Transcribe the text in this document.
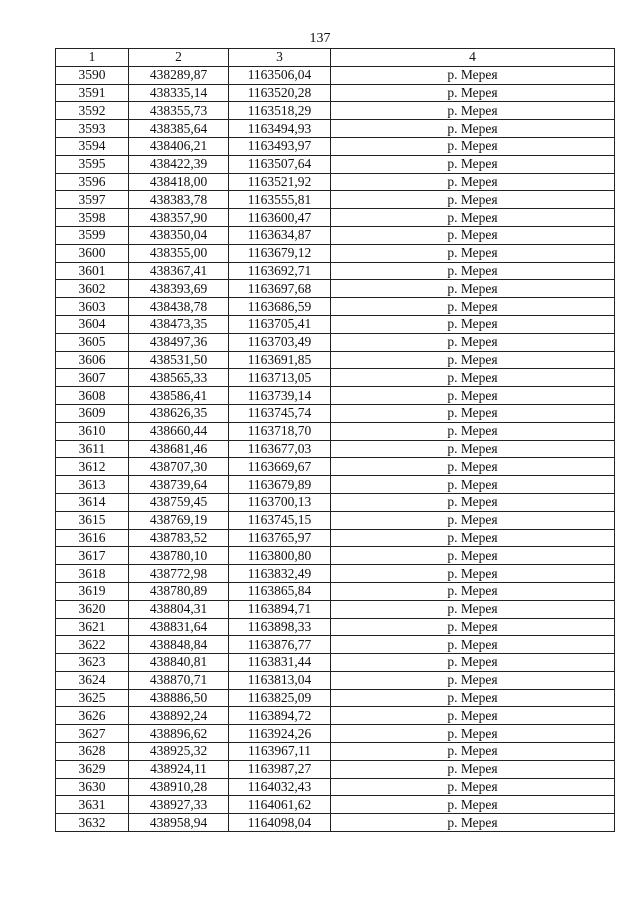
137
1	2	3	4
3590	438289,87	1163506,04	р. Мерея
3591	438335,14	1163520,28	р. Мерея
3592	438355,73	1163518,29	р. Мерея
3593	438385,64	1163494,93	р. Мерея
3594	438406,21	1163493,97	р. Мерея
3595	438422,39	1163507,64	р. Мерея
3596	438418,00	1163521,92	р. Мерея
3597	438383,78	1163555,81	р. Мерея
3598	438357,90	1163600,47	р. Мерея
3599	438350,04	1163634,87	р. Мерея
3600	438355,00	1163679,12	р. Мерея
3601	438367,41	1163692,71	р. Мерея
3602	438393,69	1163697,68	р. Мерея
3603	438438,78	1163686,59	р. Мерея
3604	438473,35	1163705,41	р. Мерея
3605	438497,36	1163703,49	р. Мерея
3606	438531,50	1163691,85	р. Мерея
3607	438565,33	1163713,05	р. Мерея
3608	438586,41	1163739,14	р. Мерея
3609	438626,35	1163745,74	р. Мерея
3610	438660,44	1163718,70	р. Мерея
3611	438681,46	1163677,03	р. Мерея
3612	438707,30	1163669,67	р. Мерея
3613	438739,64	1163679,89	р. Мерея
3614	438759,45	1163700,13	р. Мерея
3615	438769,19	1163745,15	р. Мерея
3616	438783,52	1163765,97	р. Мерея
3617	438780,10	1163800,80	р. Мерея
3618	438772,98	1163832,49	р. Мерея
3619	438780,89	1163865,84	р. Мерея
3620	438804,31	1163894,71	р. Мерея
3621	438831,64	1163898,33	р. Мерея
3622	438848,84	1163876,77	р. Мерея
3623	438840,81	1163831,44	р. Мерея
3624	438870,71	1163813,04	р. Мерея
3625	438886,50	1163825,09	р. Мерея
3626	438892,24	1163894,72	р. Мерея
3627	438896,62	1163924,26	р. Мерея
3628	438925,32	1163967,11	р. Мерея
3629	438924,11	1163987,27	р. Мерея
3630	438910,28	1164032,43	р. Мерея
3631	438927,33	1164061,62	р. Мерея
3632	438958,94	1164098,04	р. Мерея
